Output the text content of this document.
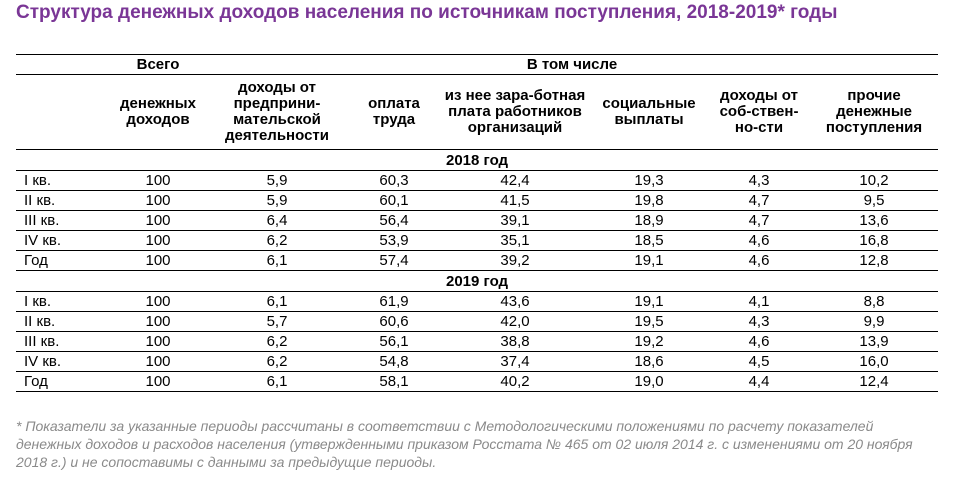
Структура денежных доходов населения по источникам поступления, 2018-2019* годы
	Всего	В том числе					
	денежных доходов	доходы от предприни-мательской деятельности	оплата труда	из нее зара-ботная плата работников организаций	социальные выплаты	доходы от соб-ствен-но-сти	прочие денежные поступления
2018 год							
I кв.	100	5,9	60,3	42,4	19,3	4,3	10,2
II кв.	100	5,9	60,1	41,5	19,8	4,7	9,5
III кв.	100	6,4	56,4	39,1	18,9	4,7	13,6
IV кв.	100	6,2	53,9	35,1	18,5	4,6	16,8
Год	100	6,1	57,4	39,2	19,1	4,6	12,8
2019 год							
I кв.	100	6,1	61,9	43,6	19,1	4,1	8,8
II кв.	100	5,7	60,6	42,0	19,5	4,3	9,9
III кв.	100	6,2	56,1	38,8	19,2	4,6	13,9
IV кв.	100	6,2	54,8	37,4	18,6	4,5	16,0
Год	100	6,1	58,1	40,2	19,0	4,4	12,4
* Показатели за указанные периоды рассчитаны в соответствии с Методологическими положениями по расчету показателей денежных доходов и расходов населения (утвержденными приказом Росстата № 465 от 02 июля 2014 г. с изменениями от 20 ноября 2018 г.) и не сопоставимы с данными за предыдущие периоды.
